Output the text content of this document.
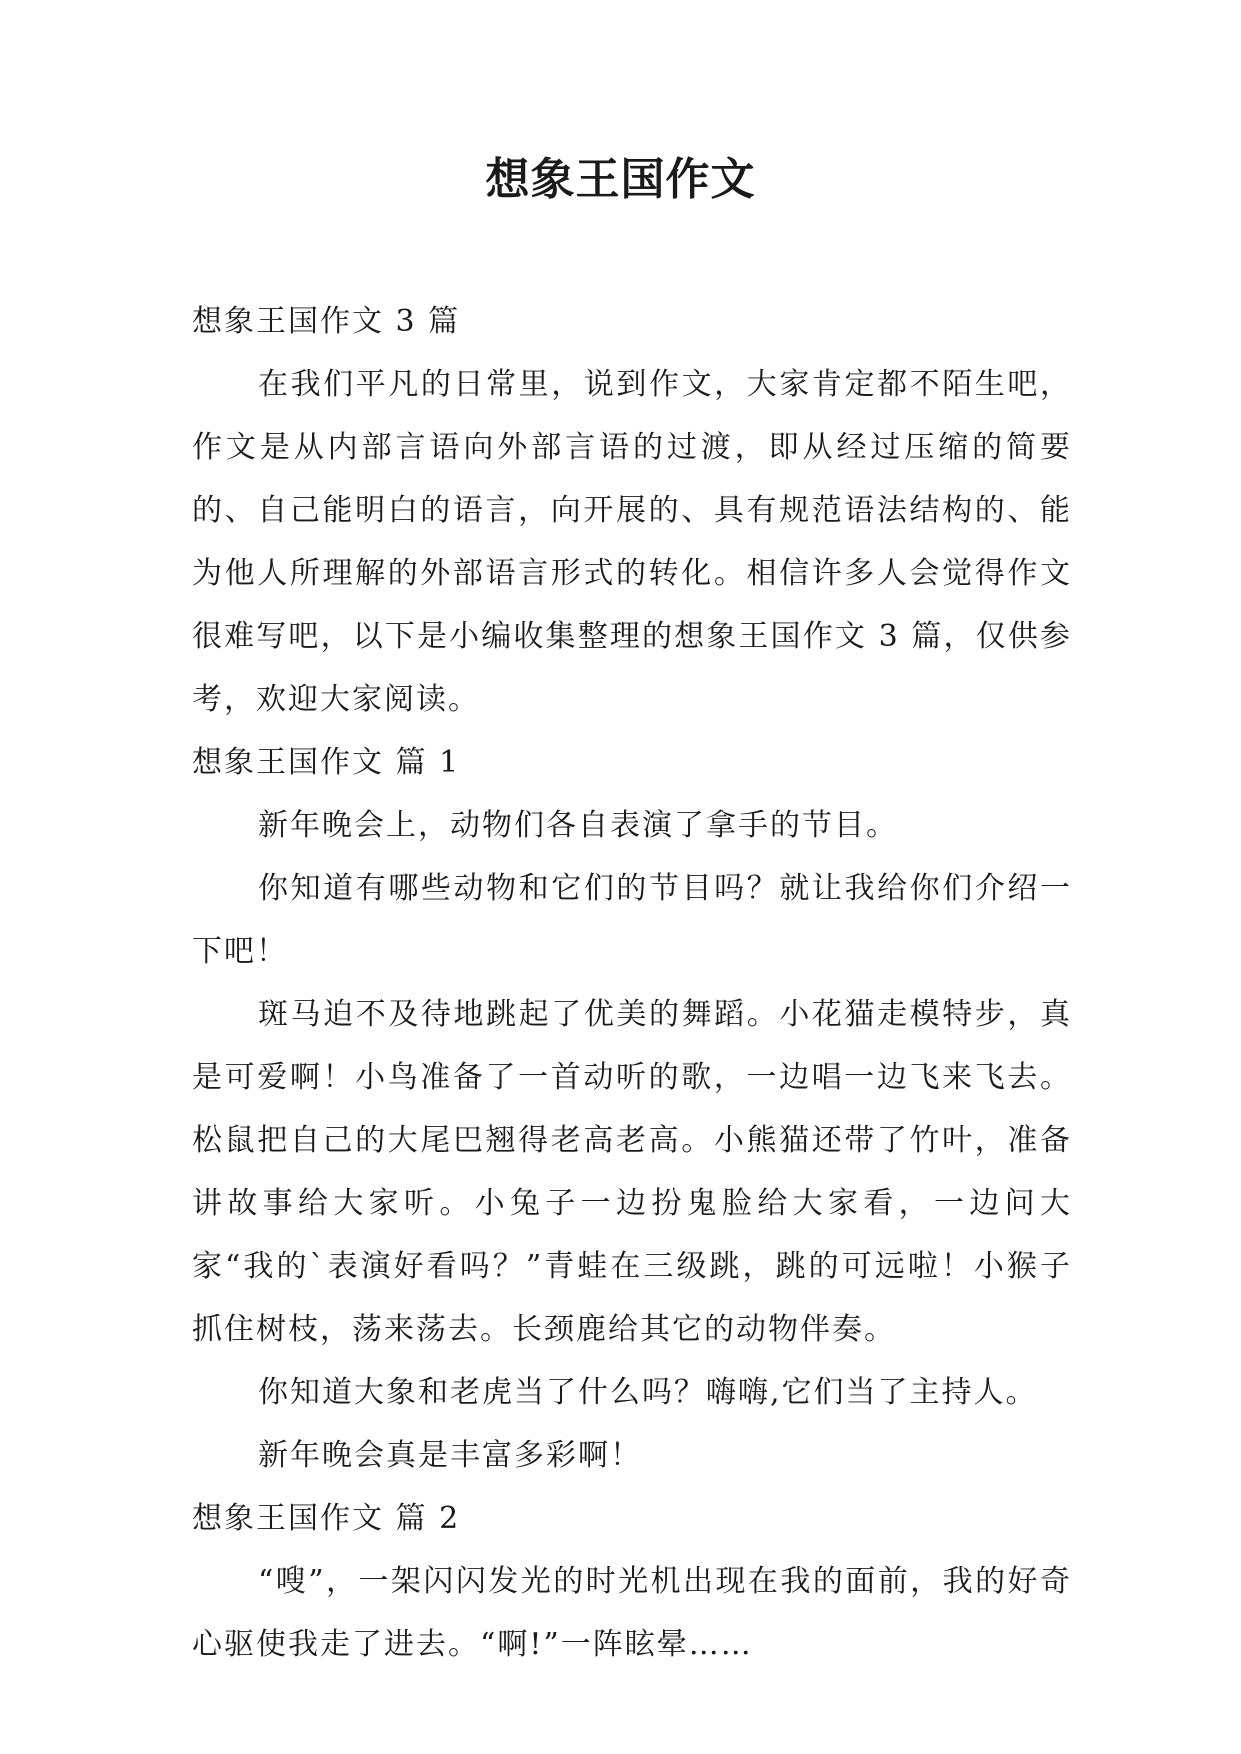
想象王国作文

想象王国作文 3 篇

在我们平凡的日常里，说到作文，大家肯定都不陌生吧，作文是从内部言语向外部言语的过渡，即从经过压缩的简要的、自己能明白的语言，向开展的、具有规范语法结构的、能为他人所理解的外部语言形式的转化。相信许多人会觉得作文很难写吧，以下是小编收集整理的想象王国作文 3 篇，仅供参考，欢迎大家阅读。

想象王国作文 篇 1

新年晚会上，动物们各自表演了拿手的节目。

你知道有哪些动物和它们的节目吗？就让我给你们介绍一下吧！

斑马迫不及待地跳起了优美的舞蹈。小花猫走模特步，真是可爱啊！小鸟准备了一首动听的歌，一边唱一边飞来飞去。松鼠把自己的大尾巴翘得老高老高。小熊猫还带了竹叶，准备讲故事给大家听。小兔子一边扮鬼脸给大家看，一边问大家“我的`表演好看吗？”青蛙在三级跳，跳的可远啦！小猴子抓住树枝，荡来荡去。长颈鹿给其它的动物伴奏。

你知道大象和老虎当了什么吗？嗨嗨,它们当了主持人。

新年晚会真是丰富多彩啊！

想象王国作文 篇 2

“嗖”，一架闪闪发光的时光机出现在我的面前，我的好奇心驱使我走了进去。“啊!”一阵眩晕……
